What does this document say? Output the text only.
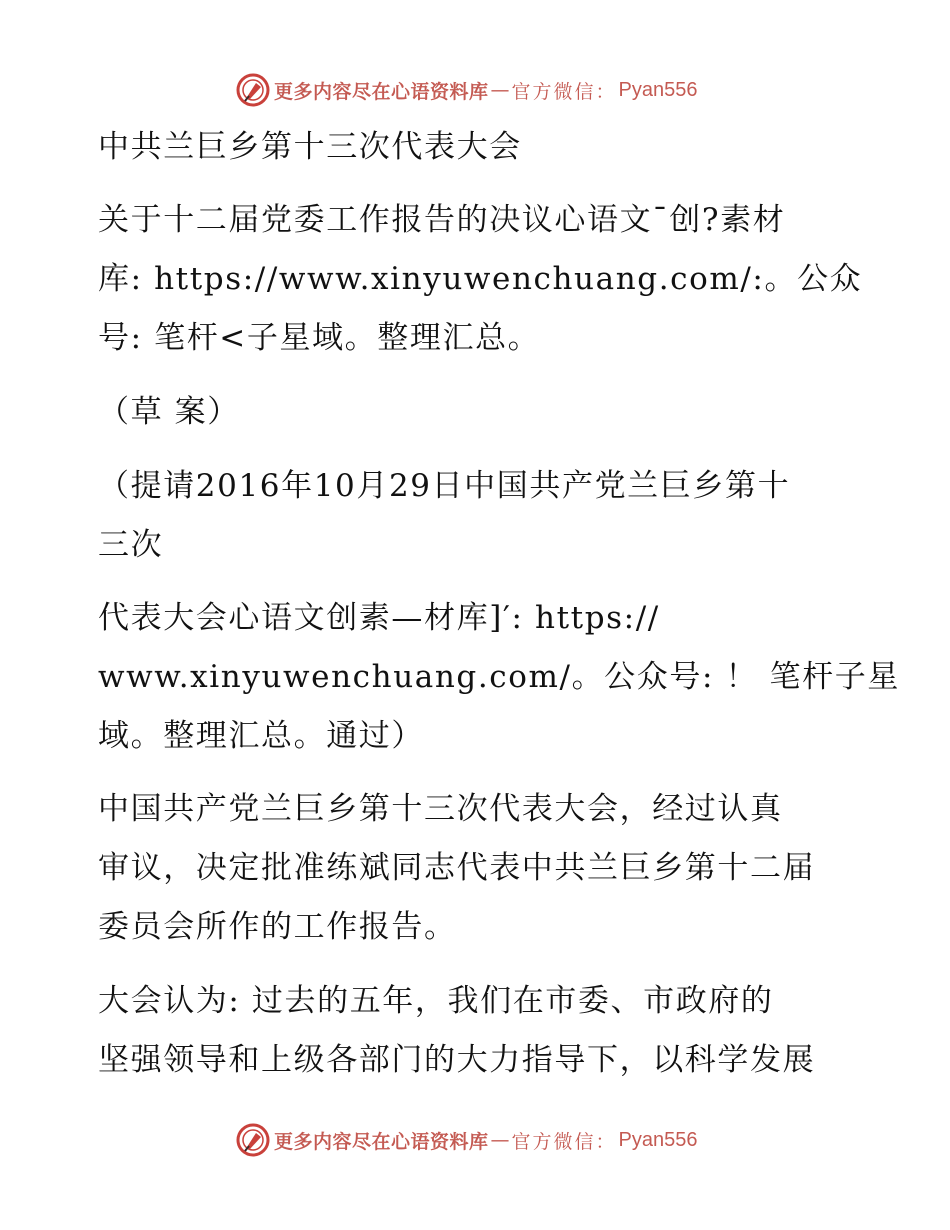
更多内容尽在心语资料库 — 官方微信： Pyan556
中共兰巨乡第十三次代表大会
关于十二届党委工作报告的决议心语文¯创?素材
库: https://www.xinyuwenchuang.com/:。公众
号: 笔杆<子星域。整理汇总。
（草 案）
（提请2016年10月29日中国共产党兰巨乡第十
三次
代表大会心语文创素—材库]′: https://
www.xinyuwenchuang.com/。公众号: ！ 笔杆子星
域。整理汇总。通过）
中国共产党兰巨乡第十三次代表大会，经过认真
审议，决定批准练斌同志代表中共兰巨乡第十二届
委员会所作的工作报告。
大会认为: 过去的五年，我们在市委、市政府的
坚强领导和上级各部门的大力指导下，以科学发展
更多内容尽在心语资料库 — 官方微信： Pyan556
